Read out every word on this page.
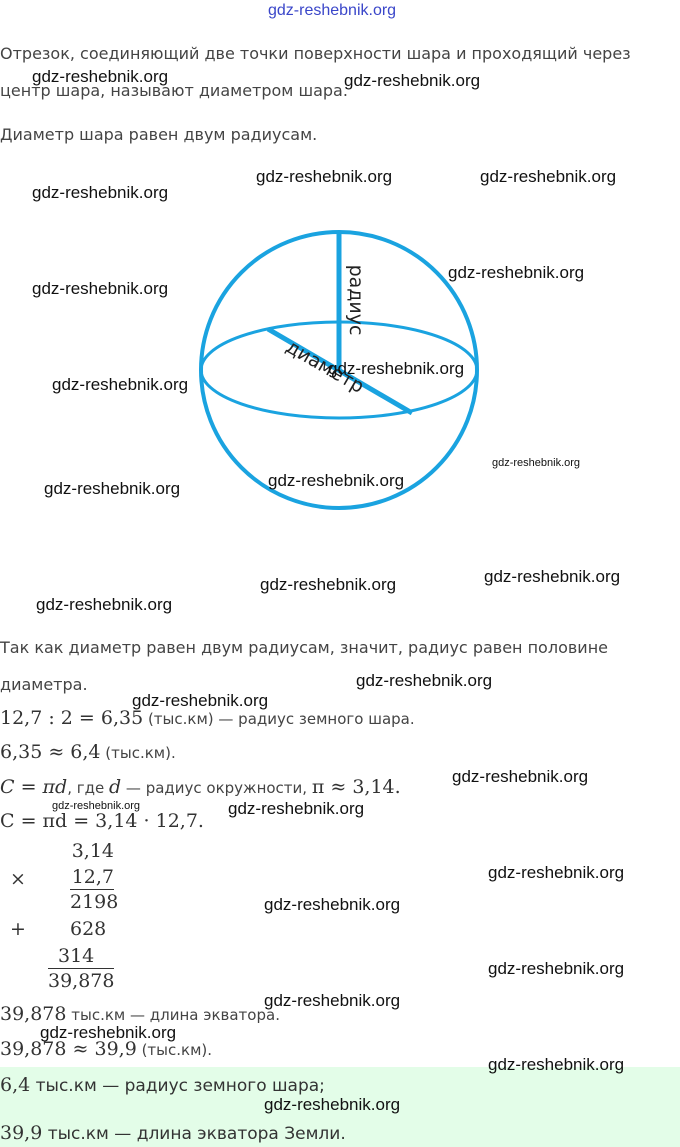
gdz-reshebnik.org
Отрезок, соединяющий две точки поверхности шара и проходящий через
центр шара, называют диаметром шара.
Диаметр шара равен двум радиусам.
радиус
диаметр
Так как диаметр равен двум радиусам, значит, радиус равен половине
диаметра.
12,7 : 2 = 6,35 (тыс.км) — радиус земного шара.
6,35 ≈ 6,4 (тыс.км).
C = πd, где d — радиус окружности, π ≈ 3,14.
C = πd = 3,14 · 12,7.
3,14
× 12,7
2198
+ 628
314
39,878
39,878 тыс.км — длина экватора.
39,878 ≈ 39,9 (тыс.км).
6,4 тыс.км — радиус земного шара;
39,9 тыс.км — длина экватора Земли.
gdz-reshebnik.org	gdz-reshebnik.org
gdz-reshebnik.org
gdz-reshebnik.org	gdz-reshebnik.org
gdz-reshebnik.org
gdz-reshebnik.org
gdz-reshebnik.org
gdz-reshebnik.org
gdz-reshebnik.org	gdz-reshebnik.org
gdz-reshebnik.org
gdz-reshebnik.org	gdz-reshebnik.org
gdz-reshebnik.org
gdz-reshebnik.org
gdz-reshebnik.org
gdz-reshebnik.org
gdz-reshebnik.org	gdz-reshebnik.org
gdz-reshebnik.org
gdz-reshebnik.org
gdz-reshebnik.org
gdz-reshebnik.org
gdz-reshebnik.org
gdz-reshebnik.org
gdz-reshebnik.org
